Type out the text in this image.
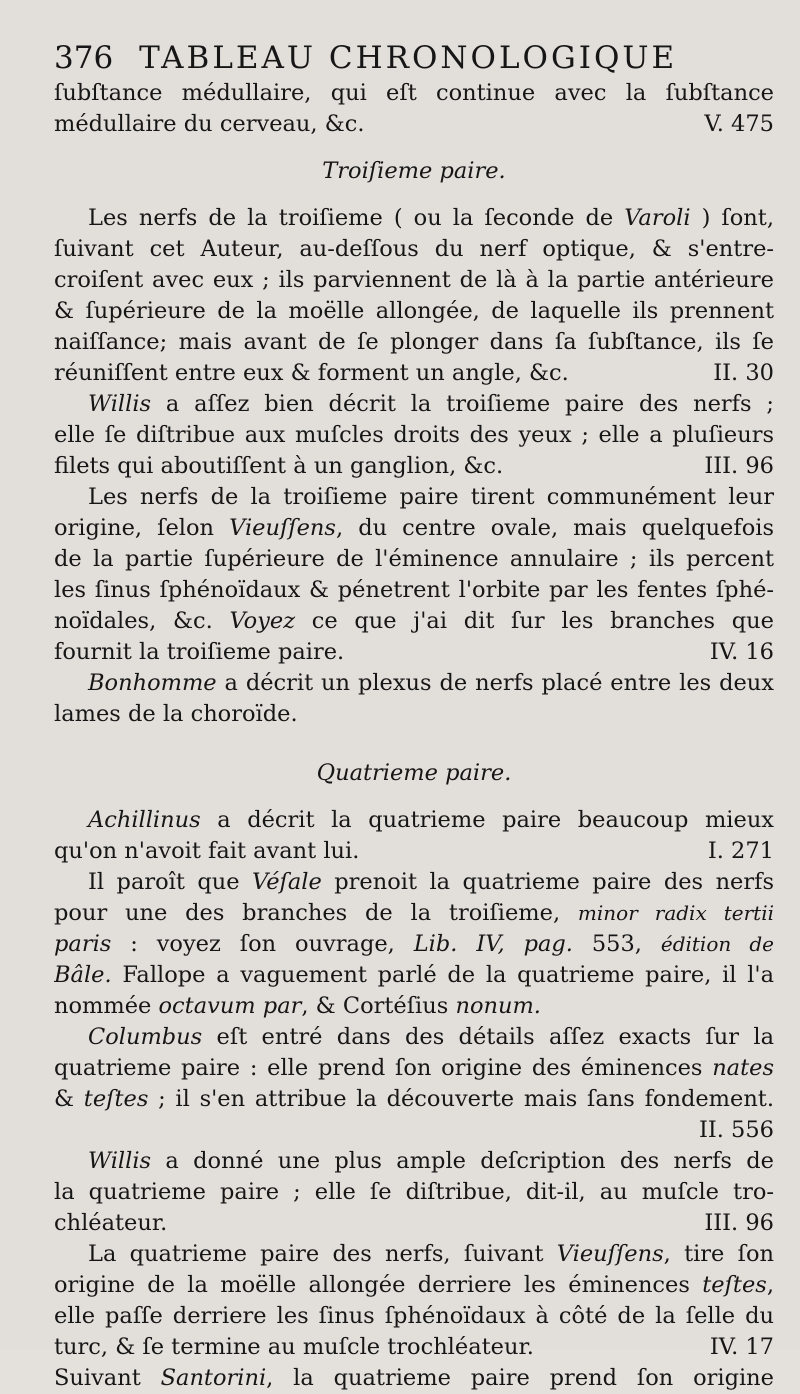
376 TABLEAU CHRONOLOGIQUE
ſubſtance médullaire, qui eſt continue avec la ſubſtance
médullaire du cerveau, &c.	V. 475
Troiſieme paire.
Les nerfs de la troiſieme ( ou la ſeconde de Varoli ) ſont,
ſuivant cet Auteur, au-deſſous du nerf optique, & s'entre-
croiſent avec eux ; ils parviennent de là à la partie antérieure
& ſupérieure de la moëlle allongée, de laquelle ils prennent
naiſſance; mais avant de ſe plonger dans ſa ſubſtance, ils ſe
réuniſſent entre eux & forment un angle, &c.	II. 30
Willis a aſſez bien décrit la troiſieme paire des nerfs ;
elle ſe diſtribue aux muſcles droits des yeux ; elle a pluſieurs
filets qui aboutiſſent à un ganglion, &c.	III. 96
Les nerfs de la troiſieme paire tirent communément leur
origine, ſelon Vieuſſens, du centre ovale, mais quelquefois
de la partie ſupérieure de l'éminence annulaire ; ils percent
les ſinus ſphénoïdaux & pénetrent l'orbite par les fentes ſphé-
noïdales, &c. Voyez ce que j'ai dit ſur les branches que
fournit la troiſieme paire.	IV. 16
Bonhomme a décrit un plexus de nerfs placé entre les deux
lames de la choroïde.
Quatrieme paire.
Achillinus a décrit la quatrieme paire beaucoup mieux
qu'on n'avoit fait avant lui.	I. 271
Il paroît que Véſale prenoit la quatrieme paire des nerfs
pour une des branches de la troiſieme, minor radix tertii
paris : voyez ſon ouvrage, Lib. IV, pag. 553, édition de
Bâle. Fallope a vaguement parlé de la quatrieme paire, il l'a
nommée octavum par, & Cortéſius nonum.
Columbus eſt entré dans des détails aſſez exacts ſur la
quatrieme paire : elle prend ſon origine des éminences nates
& teſtes ; il s'en attribue la découverte mais ſans fondement.
II. 556
Willis a donné une plus ample deſcription des nerfs de
la quatrieme paire ; elle ſe diſtribue, dit-il, au muſcle tro-
chléateur.	III. 96
La quatrieme paire des nerfs, ſuivant Vieuſſens, tire ſon
origine de la moëlle allongée derriere les éminences teſtes,
elle paſſe derriere les ſinus ſphénoïdaux à côté de la ſelle du
turc, & ſe termine au muſcle trochléateur.	IV. 17
Suivant Santorini, la quatrieme paire prend ſon origine
